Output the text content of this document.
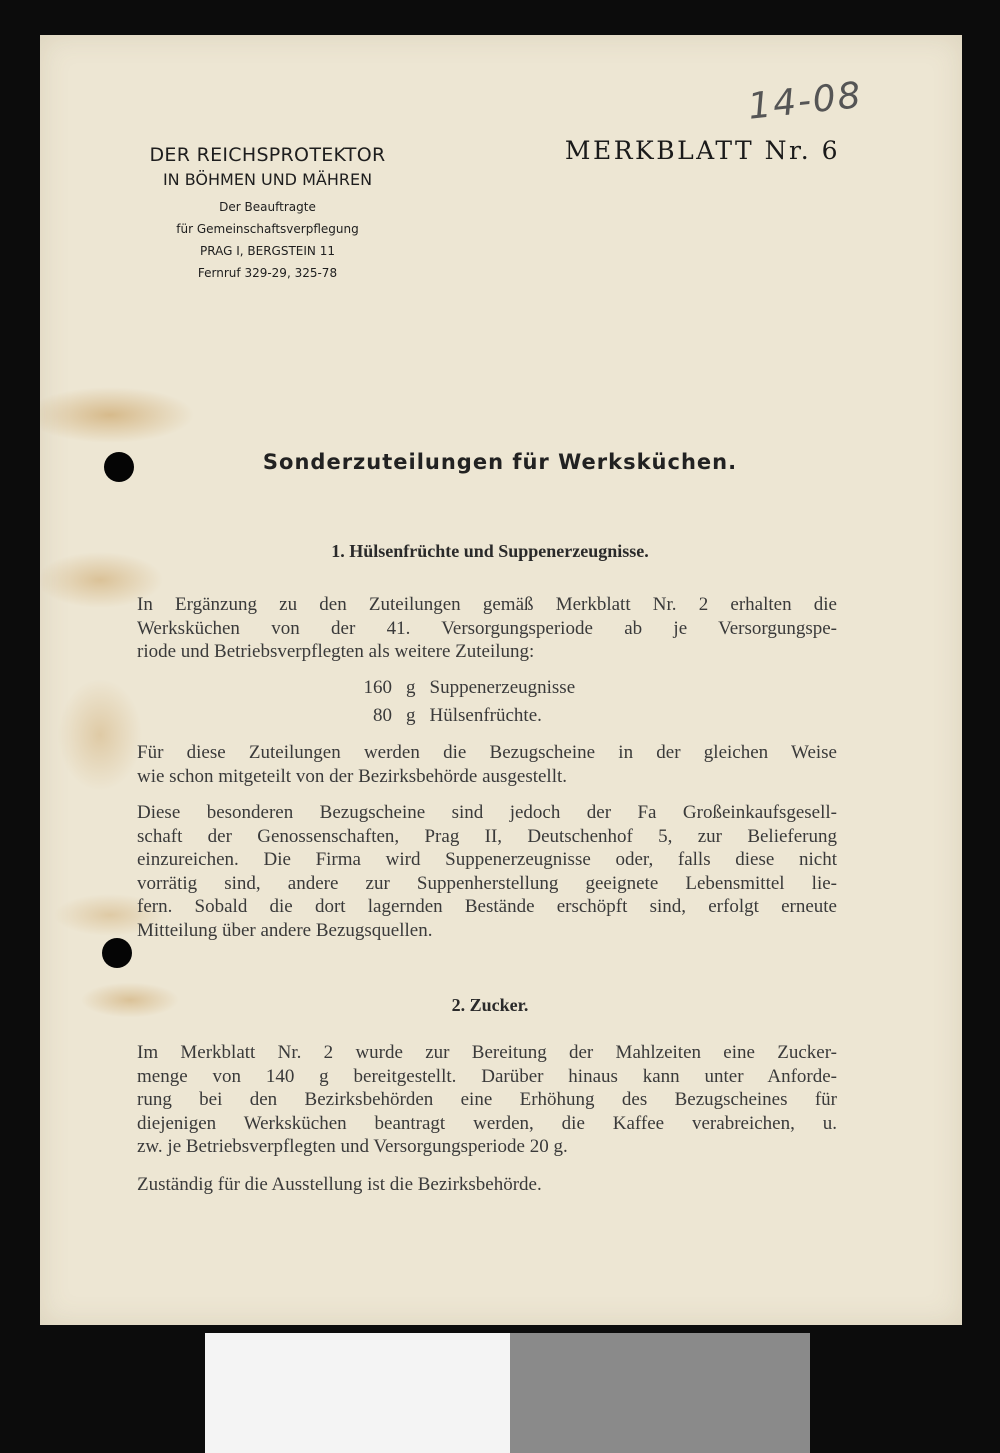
14-08
DER REICHSPROTEKTOR
IN BÖHMEN UND MÄHREN
Der Beauftragte
für Gemeinschaftsverpflegung
PRAG I, BERGSTEIN 11
Fernruf 329-29, 325-78
MERKBLATT Nr. 6
Sonderzuteilungen für Werksküchen.
1. Hülsenfrüchte und Suppenerzeugnisse.
In Ergänzung zu den Zuteilungen gemäß Merkblatt Nr. 2 erhalten die
Werksküchen von der 41. Versorgungsperiode ab je Versorgungspe-
riode und Betriebsverpflegten als weitere Zuteilung:
160 g Suppenerzeugnisse
80 g Hülsenfrüchte.
Für diese Zuteilungen werden die Bezugscheine in der gleichen Weise
wie schon mitgeteilt von der Bezirksbehörde ausgestellt.
Diese besonderen Bezugscheine sind jedoch der Fa Großeinkaufsgesell-
schaft der Genossenschaften, Prag II, Deutschenhof 5, zur Belieferung
einzureichen. Die Firma wird Suppenerzeugnisse oder, falls diese nicht
vorrätig sind, andere zur Suppenherstellung geeignete Lebensmittel lie-
fern. Sobald die dort lagernden Bestände erschöpft sind, erfolgt erneute
Mitteilung über andere Bezugsquellen.
2. Zucker.
Im Merkblatt Nr. 2 wurde zur Bereitung der Mahlzeiten eine Zucker-
menge von 140 g bereitgestellt. Darüber hinaus kann unter Anforde-
rung bei den Bezirksbehörden eine Erhöhung des Bezugscheines für
diejenigen Werksküchen beantragt werden, die Kaffee verabreichen, u.
zw. je Betriebsverpflegten und Versorgungsperiode 20 g.
Zuständig für die Ausstellung ist die Bezirksbehörde.
